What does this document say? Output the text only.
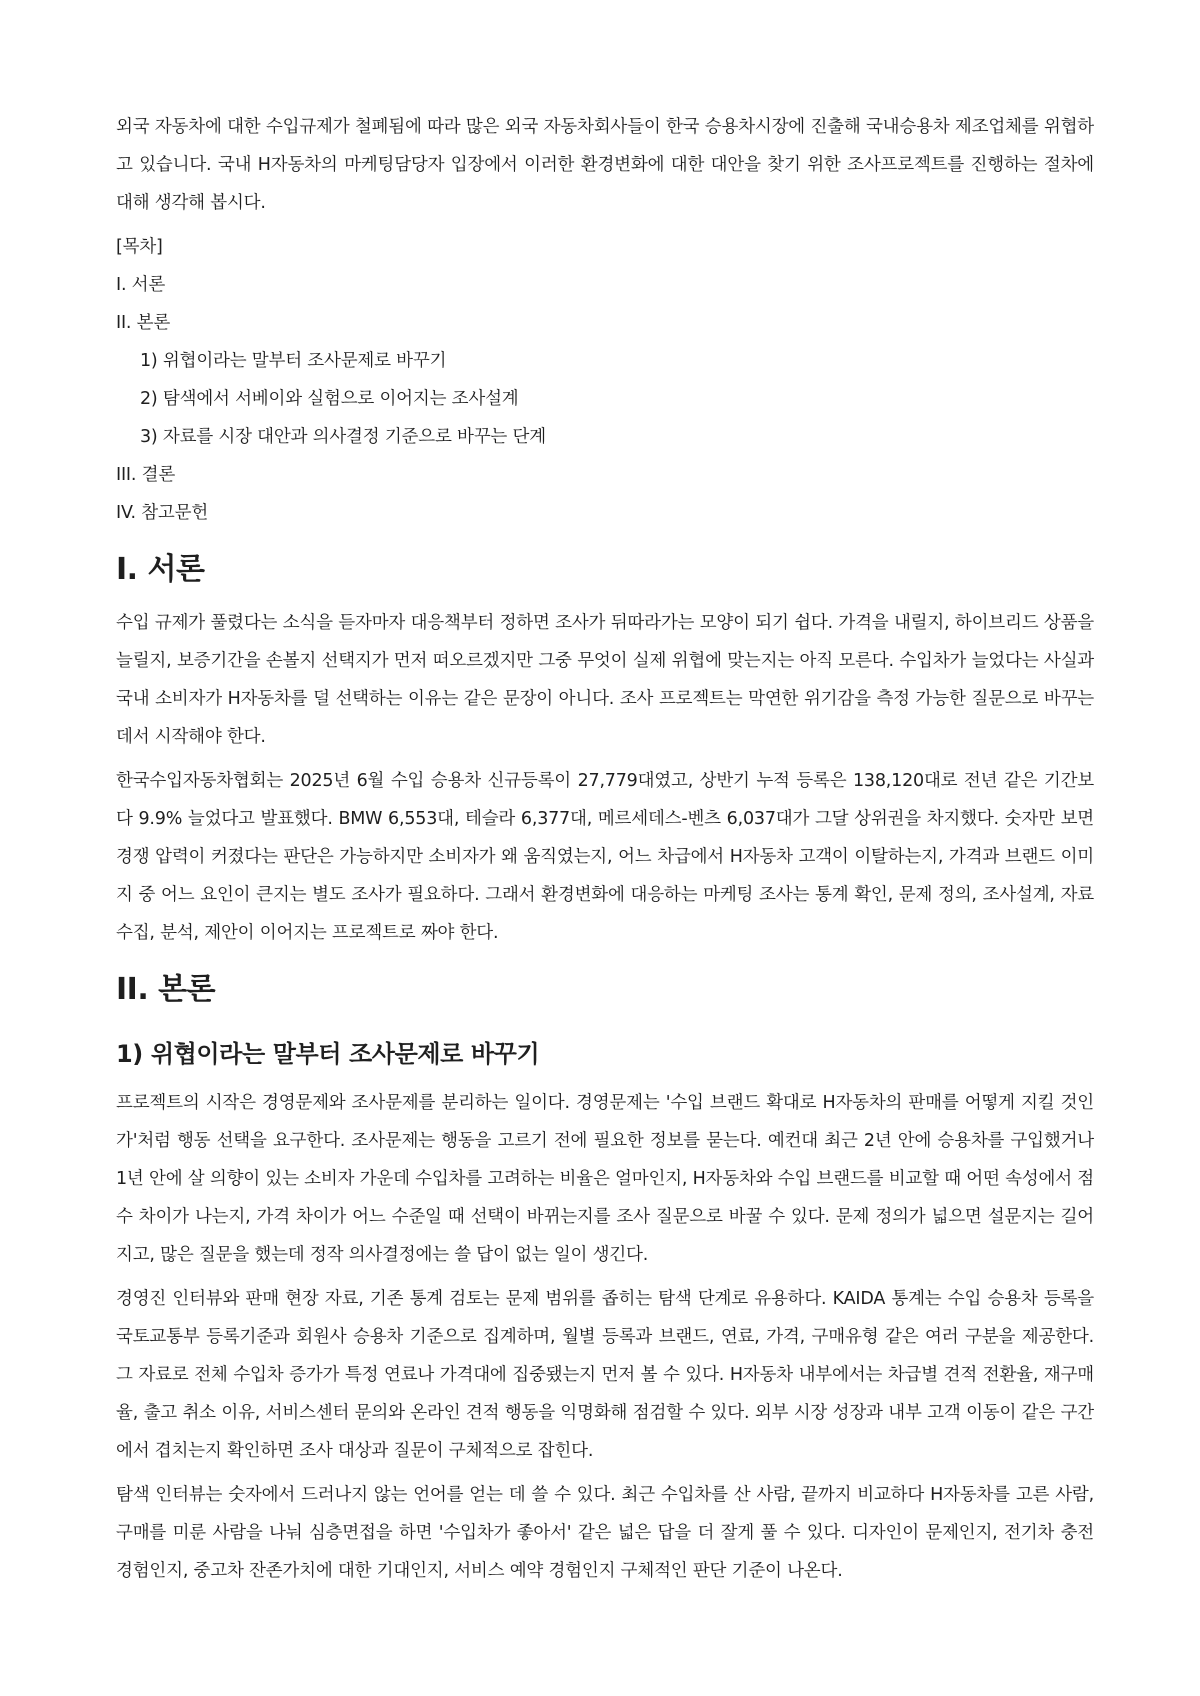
외국 자동차에 대한 수입규제가 철폐됨에 따라 많은 외국 자동차회사들이 한국 승용차시장에 진출해 국내승용차 제조업체를 위협하고 있습니다. 국내 H자동차의 마케팅담당자 입장에서 이러한 환경변화에 대한 대안을 찾기 위한 조사프로젝트를 진행하는 절차에 대해 생각해 봅시다.

[목차]
I. 서론
II. 본론
1) 위협이라는 말부터 조사문제로 바꾸기
2) 탐색에서 서베이와 실험으로 이어지는 조사설계
3) 자료를 시장 대안과 의사결정 기준으로 바꾸는 단계
III. 결론
IV. 참고문헌
I. 서론

수입 규제가 풀렸다는 소식을 듣자마자 대응책부터 정하면 조사가 뒤따라가는 모양이 되기 쉽다. 가격을 내릴지, 하이브리드 상품을 늘릴지, 보증기간을 손볼지 선택지가 먼저 떠오르겠지만 그중 무엇이 실제 위협에 맞는지는 아직 모른다. 수입차가 늘었다는 사실과 국내 소비자가 H자동차를 덜 선택하는 이유는 같은 문장이 아니다. 조사 프로젝트는 막연한 위기감을 측정 가능한 질문으로 바꾸는 데서 시작해야 한다.

한국수입자동차협회는 2025년 6월 수입 승용차 신규등록이 27,779대였고, 상반기 누적 등록은 138,120대로 전년 같은 기간보다 9.9% 늘었다고 발표했다. BMW 6,553대, 테슬라 6,377대, 메르세데스-벤츠 6,037대가 그달 상위권을 차지했다. 숫자만 보면 경쟁 압력이 커졌다는 판단은 가능하지만 소비자가 왜 움직였는지, 어느 차급에서 H자동차 고객이 이탈하는지, 가격과 브랜드 이미지 중 어느 요인이 큰지는 별도 조사가 필요하다. 그래서 환경변화에 대응하는 마케팅 조사는 통계 확인, 문제 정의, 조사설계, 자료수집, 분석, 제안이 이어지는 프로젝트로 짜야 한다.

II. 본론
1) 위협이라는 말부터 조사문제로 바꾸기

프로젝트의 시작은 경영문제와 조사문제를 분리하는 일이다. 경영문제는 '수입 브랜드 확대로 H자동차의 판매를 어떻게 지킬 것인가'처럼 행동 선택을 요구한다. 조사문제는 행동을 고르기 전에 필요한 정보를 묻는다. 예컨대 최근 2년 안에 승용차를 구입했거나 1년 안에 살 의향이 있는 소비자 가운데 수입차를 고려하는 비율은 얼마인지, H자동차와 수입 브랜드를 비교할 때 어떤 속성에서 점수 차이가 나는지, 가격 차이가 어느 수준일 때 선택이 바뀌는지를 조사 질문으로 바꿀 수 있다. 문제 정의가 넓으면 설문지는 길어지고, 많은 질문을 했는데 정작 의사결정에는 쓸 답이 없는 일이 생긴다.

경영진 인터뷰와 판매 현장 자료, 기존 통계 검토는 문제 범위를 좁히는 탐색 단계로 유용하다. KAIDA 통계는 수입 승용차 등록을 국토교통부 등록기준과 회원사 승용차 기준으로 집계하며, 월별 등록과 브랜드, 연료, 가격, 구매유형 같은 여러 구분을 제공한다. 그 자료로 전체 수입차 증가가 특정 연료나 가격대에 집중됐는지 먼저 볼 수 있다. H자동차 내부에서는 차급별 견적 전환율, 재구매율, 출고 취소 이유, 서비스센터 문의와 온라인 견적 행동을 익명화해 점검할 수 있다. 외부 시장 성장과 내부 고객 이동이 같은 구간에서 겹치는지 확인하면 조사 대상과 질문이 구체적으로 잡힌다.

탐색 인터뷰는 숫자에서 드러나지 않는 언어를 얻는 데 쓸 수 있다. 최근 수입차를 산 사람, 끝까지 비교하다 H자동차를 고른 사람, 구매를 미룬 사람을 나눠 심층면접을 하면 '수입차가 좋아서' 같은 넓은 답을 더 잘게 풀 수 있다. 디자인이 문제인지, 전기차 충전 경험인지, 중고차 잔존가치에 대한 기대인지, 서비스 예약 경험인지 구체적인 판단 기준이 나온다.
